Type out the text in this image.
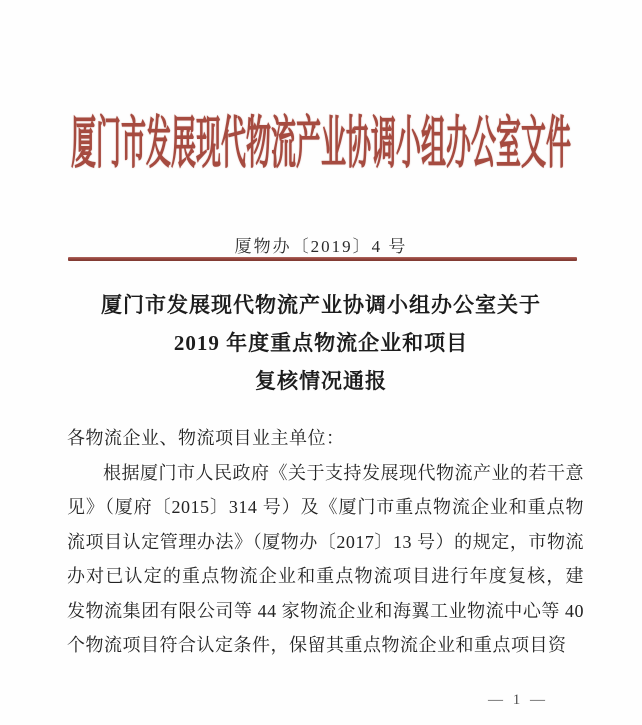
厦门市发展现代物流产业协调小组办公室文件
厦物办〔2019〕4 号
厦门市发展现代物流产业协调小组办公室关于
2019 年度重点物流企业和项目
复核情况通报

各物流企业、物流项目业主单位：

根据厦门市人民政府《关于支持发展现代物流产业的若干意见》（厦府〔2015〕314 号）及《厦门市重点物流企业和重点物流项目认定管理办法》（厦物办〔2017〕13 号）的规定，市物流办对已认定的重点物流企业和重点物流项目进行年度复核，建发物流集团有限公司等 44 家物流企业和海翼工业物流中心等 40 个物流项目符合认定条件，保留其重点物流企业和重点项目资

— 1 —
